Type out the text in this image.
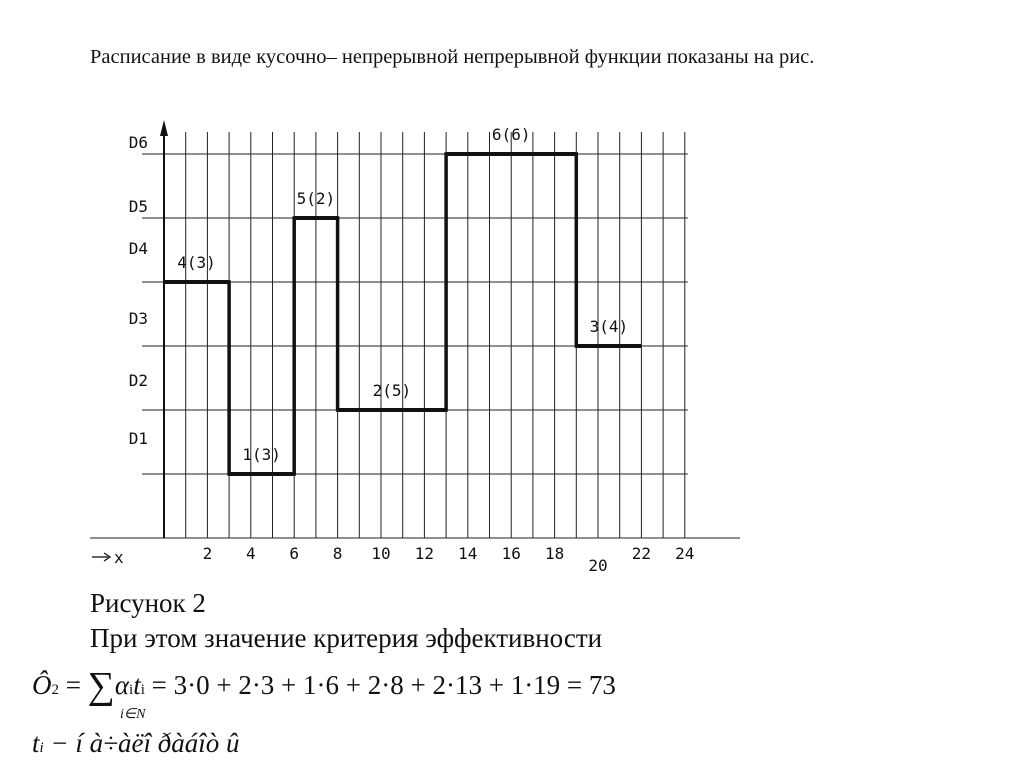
Расписание в виде кусочно– непрерывной непрерывной функции показаны на рис.

x	2 4 6 8 10 12 14 16 18
20
22 24
D1
D2
D3
D4
D5
D6
4(3)
1(3)
5(2)
2(5)
6(6)
3(4)

Рисунок 2

При этом значение критерия эффективности

Ô2 = ∑αiti = 3·0 + 2·3 + 1·6 + 2·8 + 2·13 + 1·19 = 73
i∈N
ti − í à÷àëî ðàáîò û
